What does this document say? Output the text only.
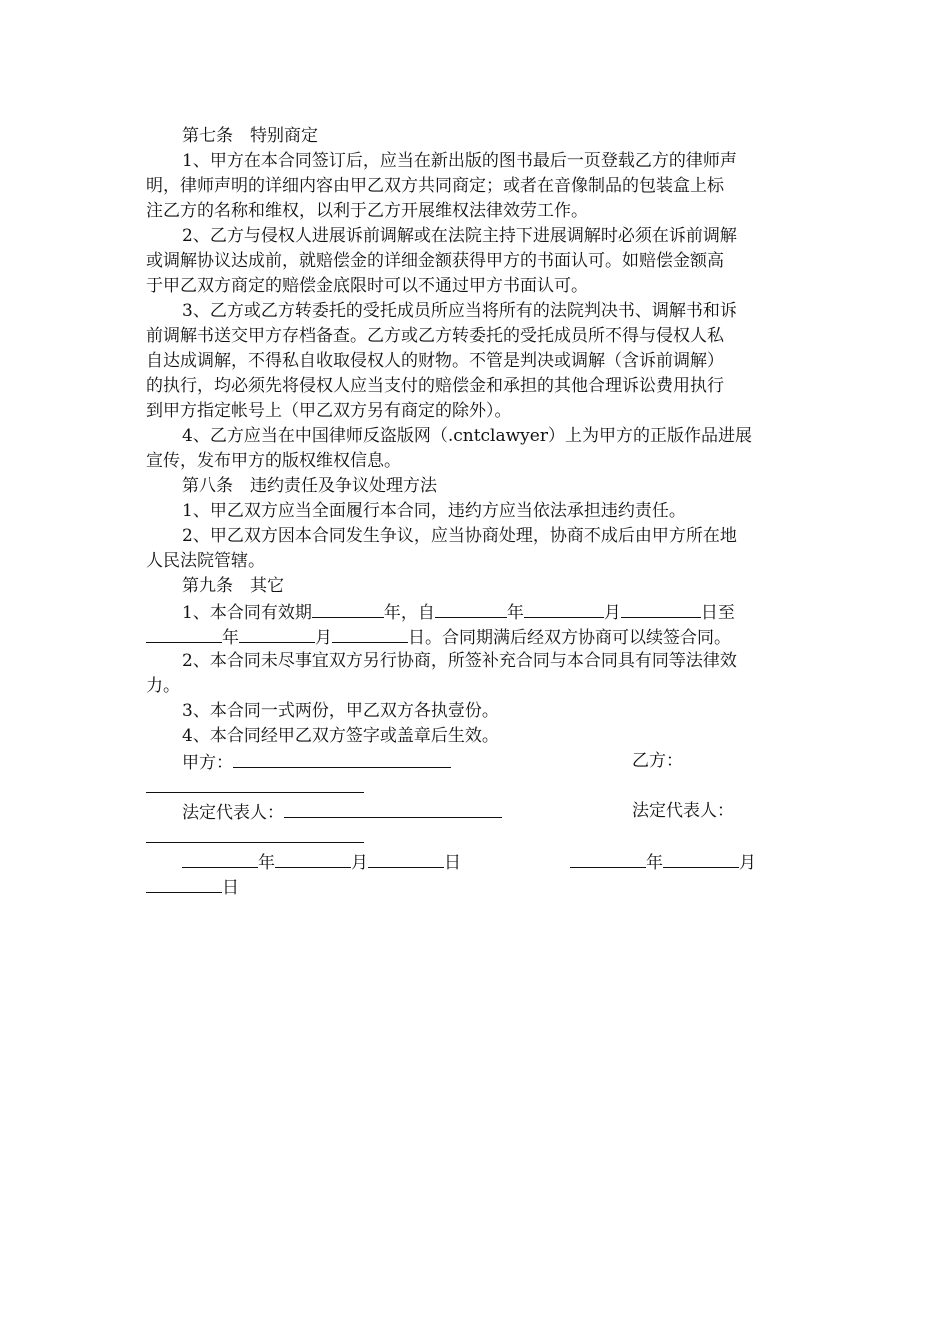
第七条　特别商定
1、甲方在本合同签订后，应当在新出版的图书最后一页登载乙方的律师声
明，律师声明的详细内容由甲乙双方共同商定；或者在音像制品的包装盒上标
注乙方的名称和维权，以利于乙方开展维权法律效劳工作。
2、乙方与侵权人进展诉前调解或在法院主持下进展调解时必须在诉前调解
或调解协议达成前，就赔偿金的详细金额获得甲方的书面认可。如赔偿金额高
于甲乙双方商定的赔偿金底限时可以不通过甲方书面认可。
3、乙方或乙方转委托的受托成员所应当将所有的法院判决书、调解书和诉
前调解书送交甲方存档备查。乙方或乙方转委托的受托成员所不得与侵权人私
自达成调解，不得私自收取侵权人的财物。不管是判决或调解（含诉前调解）
的执行，均必须先将侵权人应当支付的赔偿金和承担的其他合理诉讼费用执行
到甲方指定帐号上（甲乙双方另有商定的除外）。
4、乙方应当在中国律师反盗版网（.cntclawyer）上为甲方的正版作品进展
宣传，发布甲方的版权维权信息。
第八条　违约责任及争议处理方法
1、甲乙双方应当全面履行本合同，违约方应当依法承担违约责任。
2、甲乙双方因本合同发生争议，应当协商处理，协商不成后由甲方所在地
人民法院管辖。
第九条　其它
1、本合同有效期	年，自	年	月	日至
年	月	日。合同期满后经双方协商可以续签合同。
2、本合同未尽事宜双方另行协商，所签补充合同与本合同具有同等法律效
力。
3、本合同一式两份，甲乙双方各执壹份。
4、本合同经甲乙双方签字或盖章后生效。
甲方：	乙方：
法定代表人：	法定代表人：
年	月	日	年	月
日
